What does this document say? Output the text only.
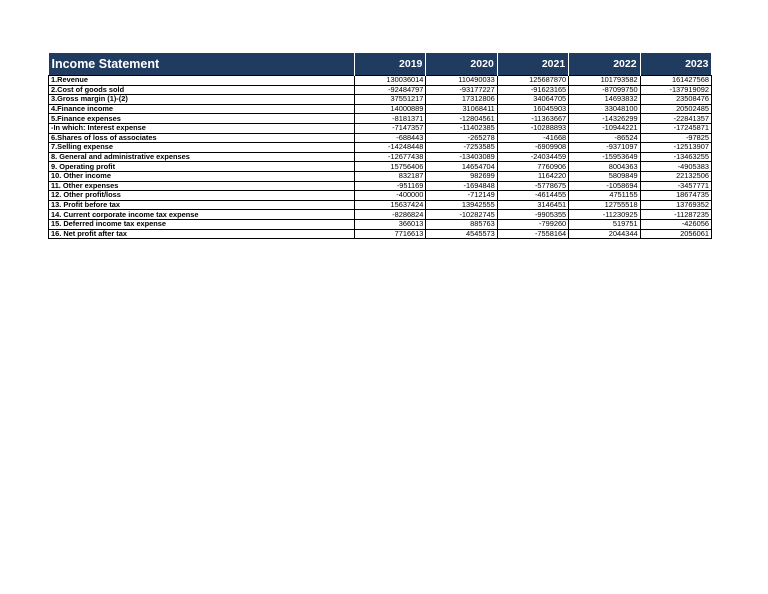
Income Statement	2019	2020	2021	2022	2023
1.Revenue	130036014	110490033	125687870	101793582	161427568
2.Cost of goods sold	-92484797	-93177227	-91623165	-87099750	-137919092
3.Gross margin (1)-(2)	37551217	17312806	34064705	14693832	23508476
4.Finance income	14000889	31068411	16045903	33048100	20502485
5.Finance expenses	-8181371	-12804561	-11363667	-14326299	-22841357
-In which: Interest expense	-7147357	-11402385	-10288893	-10944221	-17245871
6.Shares of loss of associates	-688443	-265278	-41668	-86524	-97825
7.Selling expense	-14248448	-7253585	-6909908	-9371097	-12513907
8. General and administrative expenses	-12677438	-13403089	-24034459	-15953649	-13463255
9. Operating profit	15756406	14654704	7760906	8004363	-4905383
10. Other income	832187	982699	1164220	5809849	22132506
11. Other expenses	-951169	-1694848	-5778675	-1058694	-3457771
12. Other profit/loss	-400000	-712149	-4614455	4751155	18674735
13. Profit before tax	15637424	13942555	3146451	12755518	13769352
14. Current corporate income tax expense	-8286824	-10282745	-9905355	-11230925	-11287235
15. Deferred income tax expense	366013	885763	-799260	519751	-426056
16. Net profit after tax	7716613	4545573	-7558164	2044344	2056061
